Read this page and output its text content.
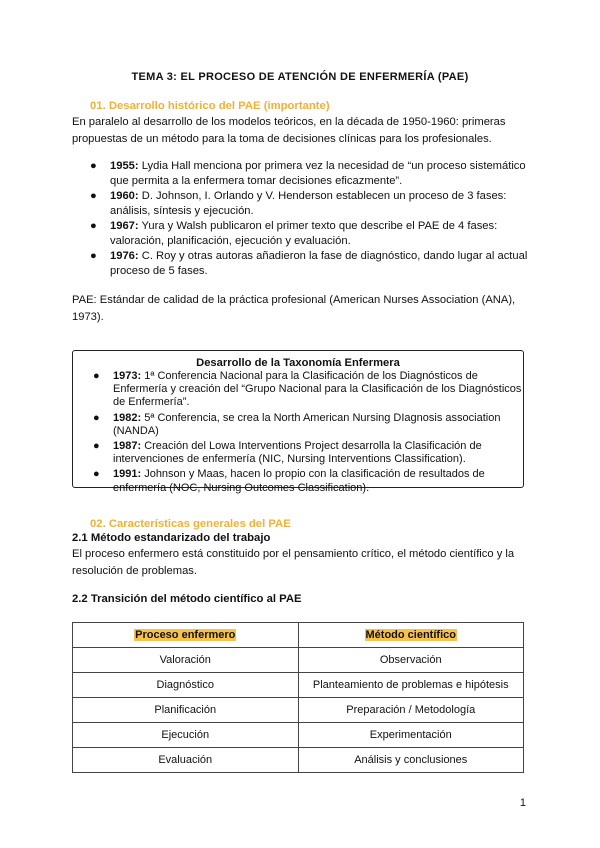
TEMA 3: EL PROCESO DE ATENCIÓN DE ENFERMERÍA (PAE)
01. Desarrollo histórico del PAE (importante)
En paralelo al desarrollo de los modelos teóricos, en la década de 1950-1960: primeras propuestas de un método para la toma de decisiones clínicas para los profesionales.
● 1955: Lydia Hall menciona por primera vez la necesidad de “un proceso sistemático que permita a la enfermera tomar decisiones eficazmente”.
● 1960: D. Johnson, I. Orlando y V. Henderson establecen un proceso de 3 fases: análisis, síntesis y ejecución.
● 1967: Yura y Walsh publicaron el primer texto que describe el PAE de 4 fases: valoración, planificación, ejecución y evaluación.
● 1976: C. Roy y otras autoras añadieron la fase de diagnóstico, dando lugar al actual proceso de 5 fases.
PAE: Estándar de calidad de la práctica profesional (American Nurses Association (ANA), 1973).
Desarrollo de la Taxonomía Enfermera
● 1973: 1ª Conferencia Nacional para la Clasificación de los Diagnósticos de Enfermería y creación del “Grupo Nacional para la Clasificación de los Diagnósticos de Enfermería”.
● 1982: 5ª Conferencia, se crea la North American Nursing DIagnosis association (NANDA)
● 1987: Creación del Lowa Interventions Project desarrolla la Clasificación de intervenciones de enfermería (NIC, Nursing Interventions Classification).
● 1991: Johnson y Maas, hacen lo propio con la clasificación de resultados de enfermería (NOC, Nursing Outcomes Classification).
02. Características generales del PAE
2.1 Método estandarizado del trabajo
El proceso enfermero está constituido por el pensamiento crítico, el método científico y la resolución de problemas.
2.2 Transición del método científico al PAE
Proceso enfermero	Método científico
Valoración	Observación
Diagnóstico	Planteamiento de problemas e hipótesis
Planificación	Preparación / Metodología
Ejecución	Experimentación
Evaluación	Análisis y conclusiones
1
